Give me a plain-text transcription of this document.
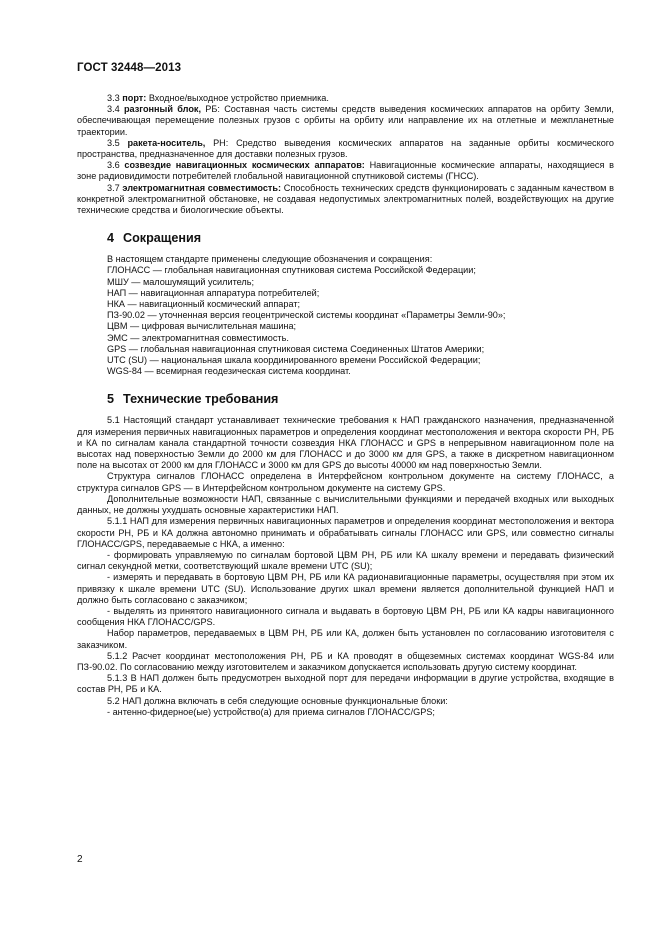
ГОСТ 32448—2013

3.3 порт: Входное/выходное устройство приемника.

3.4 разгонный блок, РБ: Составная часть системы средств выведения космических аппаратов на орбиту Земли, обеспечивающая перемещение полезных грузов с орбиты на орбиту или направление их на отлетные и межпланетные траектории.

3.5 ракета-носитель, РН: Средство выведения космических аппаратов на заданные орбиты космического пространства, предназначенное для доставки полезных грузов.

3.6 созвездие навигационных космических аппаратов: Навигационные космические аппараты, находящиеся в зоне радиовидимости потребителей глобальной навигационной спутниковой системы (ГНСС).

3.7 электромагнитная совместимость: Способность технических средств функционировать с заданным качеством в конкретной электромагнитной обстановке, не создавая недопустимых электромагнитных полей, воздействующих на другие технические средства и биологические объекты.

4 Сокращения

В настоящем стандарте применены следующие обозначения и сокращения:

ГЛОНАСС — глобальная навигационная спутниковая система Российской Федерации;

МШУ — малошумящий усилитель;

НАП — навигационная аппаратура потребителей;

НКА — навигационный космический аппарат;

ПЗ-90.02 — уточненная версия геоцентрической системы координат «Параметры Земли-90»;

ЦВМ — цифровая вычислительная машина;

ЭМС — электромагнитная совместимость.

GPS — глобальная навигационная спутниковая система Соединенных Штатов Америки;

UTC (SU) — национальная шкала координированного времени Российской Федерации;

WGS-84 — всемирная геодезическая система координат.

5 Технические требования

5.1 Настоящий стандарт устанавливает технические требования к НАП гражданского назначения, предназначенной для измерения первичных навигационных параметров и определения координат местоположения и вектора скорости РН, РБ и КА по сигналам канала стандартной точности созвездия НКА ГЛОНАСС и GPS в непрерывном навигационном поле на высотах над поверхностью Земли до 2000 км для ГЛОНАСС и до 3000 км для GPS, а также в дискретном навигационном поле на высотах от 2000 км для ГЛОНАСС и 3000 км для GPS до высоты 40000 км над поверхностью Земли.

Структура сигналов ГЛОНАСС определена в Интерфейсном контрольном документе на систему ГЛОНАСС, а структура сигналов GPS — в Интерфейсном контрольном документе на систему GPS.

Дополнительные возможности НАП, связанные с вычислительными функциями и передачей входных или выходных данных, не должны ухудшать основные характеристики НАП.

5.1.1 НАП для измерения первичных навигационных параметров и определения координат местоположения и вектора скорости РН, РБ и КА должна автономно принимать и обрабатывать сигналы ГЛОНАСС или GPS, или совместно сигналы ГЛОНАСС/GPS, передаваемые с НКА, а именно:

- формировать управляемую по сигналам бортовой ЦВМ РН, РБ или КА шкалу времени и передавать физический сигнал секундной метки, соответствующий шкале времени UTC (SU);

- измерять и передавать в бортовую ЦВМ РН, РБ или КА радионавигационные параметры, осуществляя при этом их привязку к шкале времени UTC (SU). Использование других шкал времени является дополнительной функцией НАП и должно быть согласовано с заказчиком;

- выделять из принятого навигационного сигнала и выдавать в бортовую ЦВМ РН, РБ или КА кадры навигационного сообщения НКА ГЛОНАСС/GPS.

Набор параметров, передаваемых в ЦВМ РН, РБ или КА, должен быть установлен по согласованию изготовителя с заказчиком.

5.1.2 Расчет координат местоположения РН, РБ и КА проводят в общеземных системах координат WGS-84 или ПЗ-90.02. По согласованию между изготовителем и заказчиком допускается использовать другую систему координат.

5.1.3 В НАП должен быть предусмотрен выходной порт для передачи информации в другие устройства, входящие в состав РН, РБ и КА.

5.2 НАП должна включать в себя следующие основные функциональные блоки:

- антенно-фидерное(ые) устройство(а) для приема сигналов ГЛОНАСС/GPS;

2
